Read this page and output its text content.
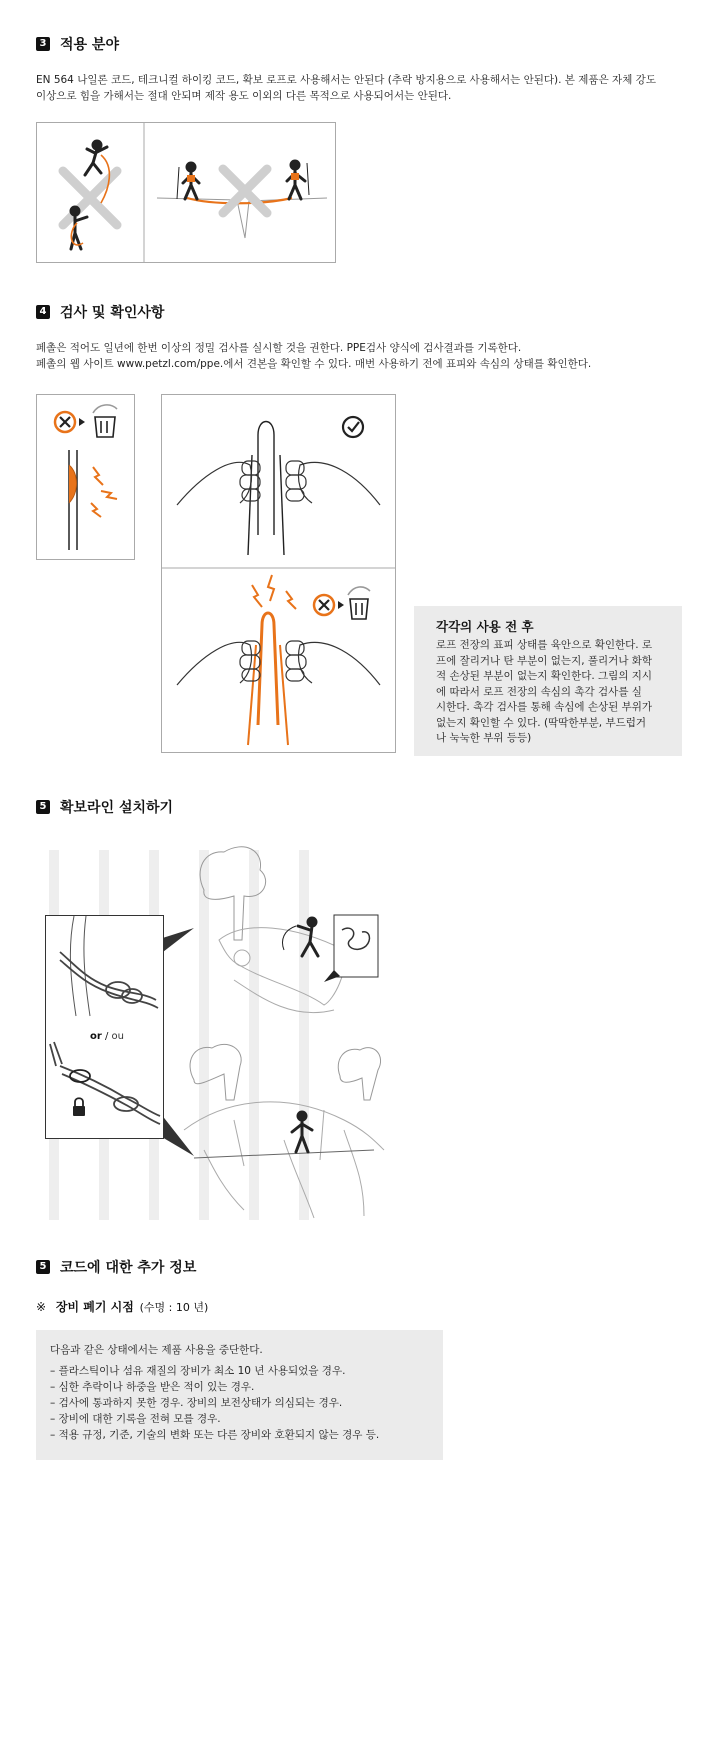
3 적용 분야
EN 564 나일론 코드, 테크니컬 하이킹 코드, 확보 로프로 사용해서는 안된다 (추락 방지용으로 사용해서는 안된다). 본 제품은 자체 강도
이상으로 힘을 가해서는 절대 안되며 제작 용도 이외의 다른 목적으로 사용되어서는 안된다.
4 검사 및 확인사항
페촐은 적어도 일년에 한번 이상의 정밀 검사를 실시할 것을 권한다. PPE검사 양식에 검사결과를 기록한다.
페촐의 웹 사이트 www.petzl.com/ppe.에서 견본을 확인할 수 있다. 매번 사용하기 전에 표피와 속심의 상태를 확인한다.
각각의 사용 전 후
로프 전장의 표피 상태를 육안으로 확인한다. 로
프에 잘리거나 탄 부분이 없는지, 풀리거나 화학
적 손상된 부분이 없는지 확인한다. 그림의 지시
에 따라서 로프 전장의 속심의 촉각 검사를 실
시한다. 촉각 검사를 통해 속심에 손상된 부위가
없는지 확인할 수 있다. (딱딱한부분, 부드럽거
나 눅눅한 부위 등등)
5 확보라인 설치하기
or / ou
5 코드에 대한 추가 정보
※ 장비 폐기 시점 (수명 : 10 년)
다음과 같은 상태에서는 제품 사용을 중단한다.
– 플라스틱이나 섬유 재질의 장비가 최소 10 년 사용되었을 경우.
– 심한 추락이나 하중을 받은 적이 있는 경우.
– 검사에 통과하지 못한 경우. 장비의 보전상태가 의심되는 경우.
– 장비에 대한 기록을 전혀 모를 경우.
– 적용 규정, 기준, 기술의 변화 또는 다른 장비와 호환되지 않는 경우 등.
